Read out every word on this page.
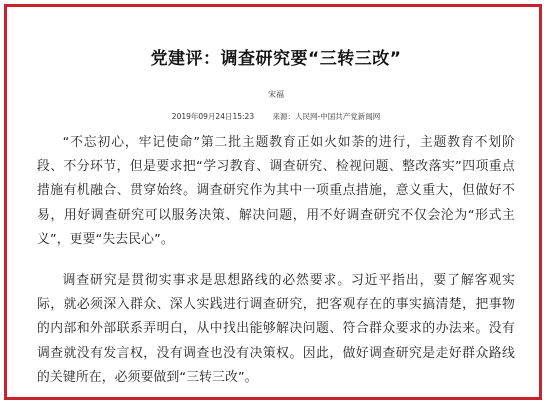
党建评：调查研究要“三转三改”
宋福
2019年09月24日15:23 来源：人民网-中国共产党新闻网

“不忘初心，牢记使命”第二批主题教育正如火如荼的进行，主题教育不划阶段、不分环节，但是要求把“学习教育、调查研究、检视问题、整改落实”四项重点措施有机融合、贯穿始终。调查研究作为其中一项重点措施，意义重大，但做好不易，用好调查研究可以服务决策、解决问题，用不好调查研究不仅会沦为“形式主义”，更要“失去民心”。

调查研究是贯彻实事求是思想路线的必然要求。习近平指出，要了解客观实际，就必须深入群众、深人实践进行调查研究，把客观存在的事实搞清楚，把事物的内部和外部联系弄明白，从中找出能够解决问题、符合群众要求的办法来。没有调查就没有发言权，没有调查也没有决策权。因此，做好调查研究是走好群众路线的关键所在，必须要做到“三转三改”。
